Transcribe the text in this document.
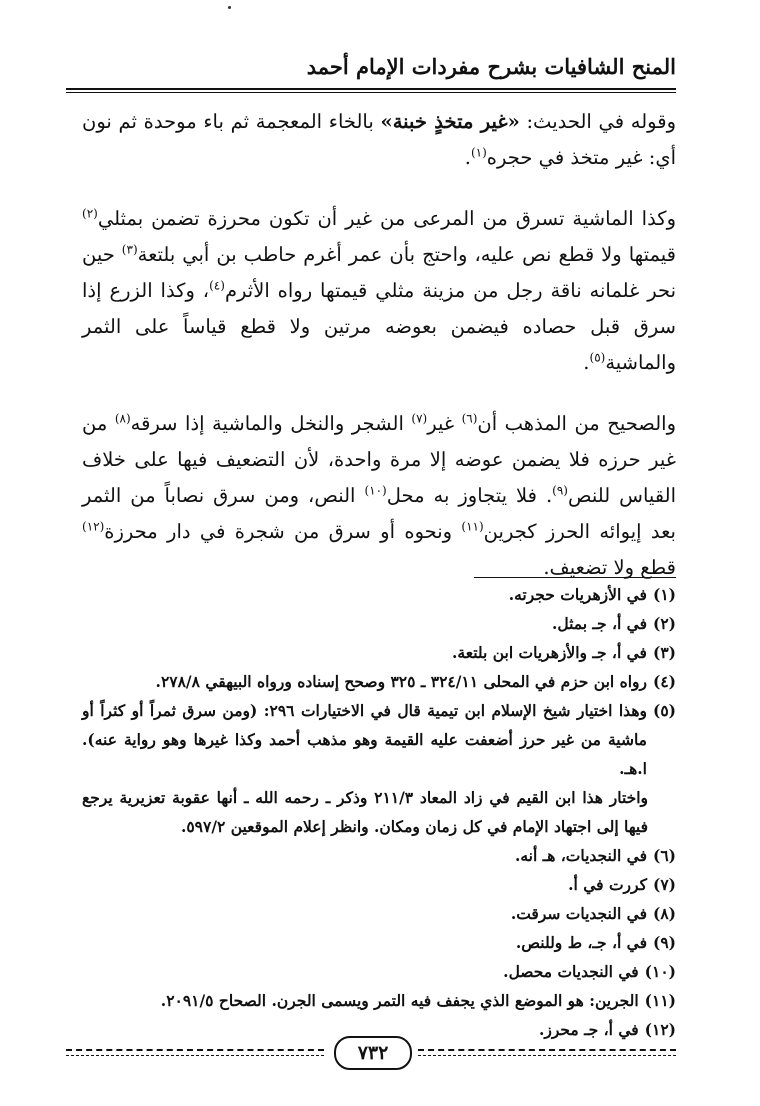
المنح الشافيات بشرح مفردات الإمام أحمد

وقوله في الحديث: «غير متخذٍ خبنة» بالخاء المعجمة ثم باء موحدة ثم نون أي: غير متخذ في حجره$^{(١)}$.

وكذا الماشية تسرق من المرعى من غير أن تكون محرزة تضمن بمثلي$^{(٢)}$ قيمتها ولا قطع نص عليه، واحتج بأن عمر أغرم حاطب بن أبي بلتعة$^{(٣)}$ حين نحر غلمانه ناقة رجل من مزينة مثلي قيمتها رواه الأثرم$^{(٤)}$، وكذا الزرع إذا سرق قبل حصاده فيضمن بعوضه مرتين ولا قطع قياساً على الثمر والماشية$^{(٥)}$.

والصحيح من المذهب أن$^{(٦)}$ غير$^{(٧)}$ الشجر والنخل والماشية إذا سرقه$^{(٨)}$ من غير حرزه فلا يضمن عوضه إلا مرة واحدة، لأن التضعيف فيها على خلاف القياس للنص$^{(٩)}$. فلا يتجاوز به محل$^{(١٠)}$ النص، ومن سرق نصاباً من الثمر بعد إيوائه الحرز كجرين$^{(١١)}$ ونحوه أو سرق من شجرة في دار محرزة$^{(١٢)}$ قطع ولا تضعيف.

(١)
في الأزهريات حجرته.
(٢)
في أ، جـ بمثل.
(٣)
في أ، جـ والأزهريات ابن بلتعة.
(٤)
رواه ابن حزم في المحلى ٣٢٤/١١ ـ ٣٢٥ وصحح إسناده ورواه البيهقي ٢٧٨/٨.
(٥)
وهذا اختيار شيخ الإسلام ابن تيمية قال في الاختيارات ٢٩٦: (ومن سرق ثمراً أو كثراً أو ماشية من غير حرز أضعفت عليه القيمة وهو مذهب أحمد وكذا غيرها وهو رواية عنه). ا.هـ.
واختار هذا ابن القيم في زاد المعاد ٢١١/٣ وذكر ـ رحمه الله ـ أنها عقوبة تعزيرية يرجع فيها إلى اجتهاد الإمام في كل زمان ومكان. وانظر إعلام الموقعين ٥٩٧/٢.
(٦)
في النجديات، هـ أنه.
(٧)
كررت في أ.
(٨)
في النجديات سرقت.
(٩)
في أ، جـ، ط وللنص.
(١٠)
في النجديات محصل.
(١١)
الجرين: هو الموضع الذي يجفف فيه التمر ويسمى الجرن. الصحاح ٢٠٩١/٥.
(١٢)
في أ، جـ محرز.
٧٣٢
